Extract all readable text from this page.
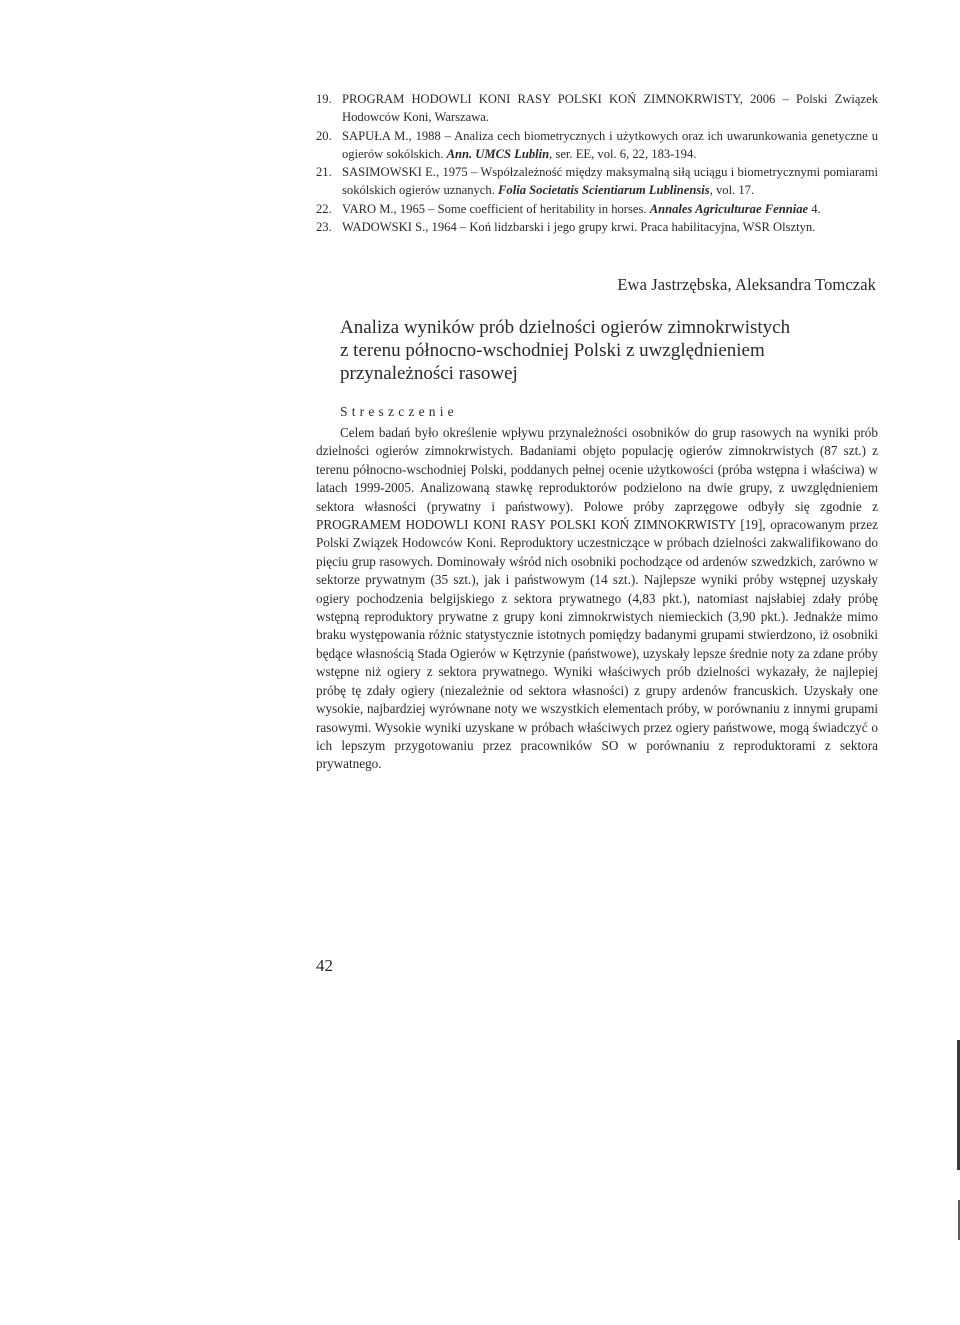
19. PROGRAM HODOWLI KONI RASY POLSKI KOŃ ZIMNOKRWISTY, 2006 – Polski Związek Hodowców Koni, Warszawa.
20. SAPUŁA M., 1988 – Analiza cech biometrycznych i użytkowych oraz ich uwarunkowania genetyczne u ogierów sokólskich. Ann. UMCS Lublin, ser. EE, vol. 6, 22, 183-194.
21. SASIMOWSKI E., 1975 – Współzależność między maksymalną siłą uciągu i biometrycznymi pomiarami sokólskich ogierów uznanych. Folia Societatis Scientiarum Lublinensis, vol. 17.
22. VARO M., 1965 – Some coefficient of heritability in horses. Annales Agriculturae Fenniae 4.
23. WADOWSKI S., 1964 – Koń lidzbarski i jego grupy krwi. Praca habilitacyjna, WSR Olsztyn.
Ewa Jastrzębska, Aleksandra Tomczak
Analiza wyników prób dzielności ogierów zimnokrwistych
z terenu północno-wschodniej Polski z uwzględnieniem
przynależności rasowej
Streszczenie

Celem badań było określenie wpływu przynależności osobników do grup rasowych na wyniki prób dzielności ogierów zimnokrwistych. Badaniami objęto populację ogierów zimnokrwistych (87 szt.) z terenu północno-wschodniej Polski, poddanych pełnej ocenie użytkowości (próba wstępna i właściwa) w latach 1999-2005. Analizowaną stawkę reproduktorów podzielono na dwie grupy, z uwzględnieniem sektora własności (prywatny i państwowy). Polowe próby zaprzęgowe odbyły się zgodnie z PROGRAMEM HODOWLI KONI RASY POLSKI KOŃ ZIMNOKRWISTY [19], opracowanym przez Polski Związek Hodowców Koni. Reproduktory uczestniczące w próbach dzielności zakwalifikowano do pięciu grup rasowych. Dominowały wśród nich osobniki pochodzące od ardenów szwedzkich, zarówno w sektorze prywatnym (35 szt.), jak i państwowym (14 szt.). Najlepsze wyniki próby wstępnej uzyskały ogiery pochodzenia belgijskiego z sektora prywatnego (4,83 pkt.), natomiast najsłabiej zdały próbę wstępną reproduktory prywatne z grupy koni zimnokrwistych niemieckich (3,90 pkt.). Jednakże mimo braku występowania różnic statystycznie istotnych pomiędzy badanymi grupami stwierdzono, iż osobniki będące własnością Stada Ogierów w Kętrzynie (państwowe), uzyskały lepsze średnie noty za zdane próby wstępne niż ogiery z sektora prywatnego. Wyniki właściwych prób dzielności wykazały, że najlepiej próbę tę zdały ogiery (niezależnie od sektora własności) z grupy ardenów francuskich. Uzyskały one wysokie, najbardziej wyrównane noty we wszystkich elementach próby, w porównaniu z innymi grupami rasowymi. Wysokie wyniki uzyskane w próbach właściwych przez ogiery państwowe, mogą świadczyć o ich lepszym przygotowaniu przez pracowników SO w porównaniu z reproduktorami z sektora prywatnego.

42
